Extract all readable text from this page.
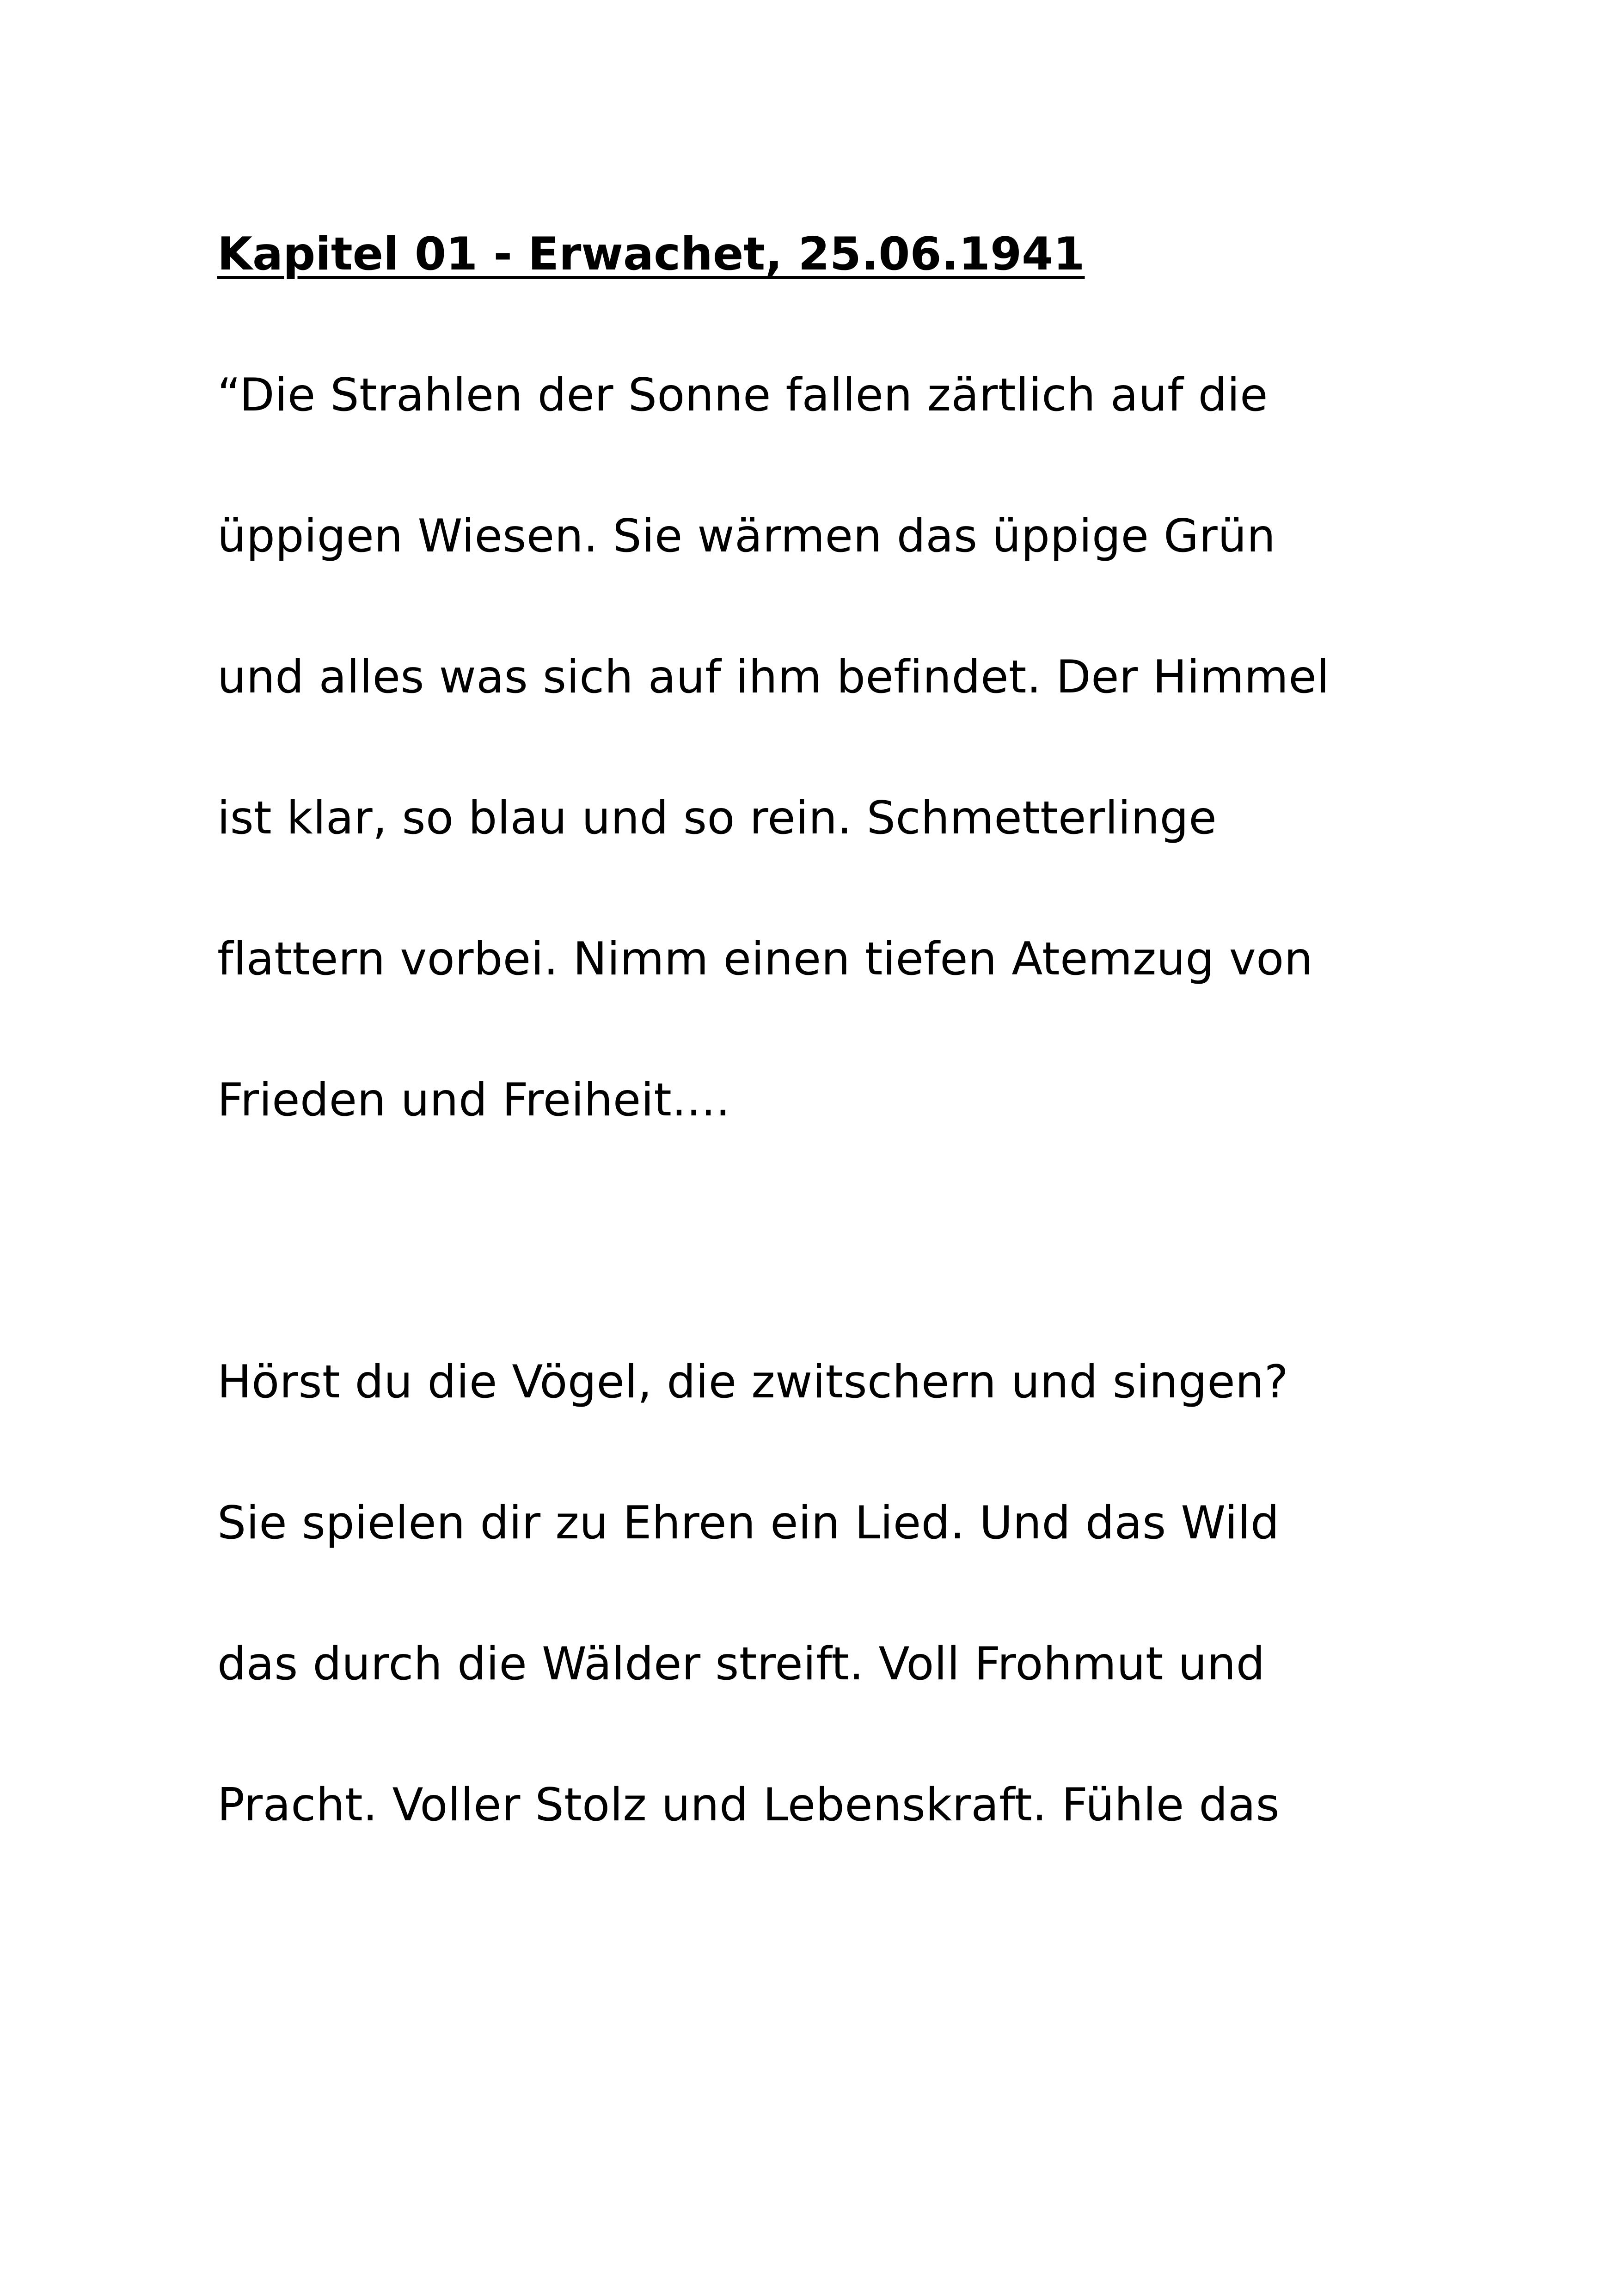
Kapitel 01 - Erwachet, 25.06.1941

“Die Strahlen der Sonne fallen zärtlich auf die

üppigen Wiesen. Sie wärmen das üppige Grün

und alles was sich auf ihm befindet. Der Himmel

ist klar, so blau und so rein. Schmetterlinge

flattern vorbei. Nimm einen tiefen Atemzug von

Frieden und Freiheit....

Hörst du die Vögel, die zwitschern und singen?

Sie spielen dir zu Ehren ein Lied. Und das Wild

das durch die Wälder streift. Voll Frohmut und

Pracht. Voller Stolz und Lebenskraft. Fühle das
